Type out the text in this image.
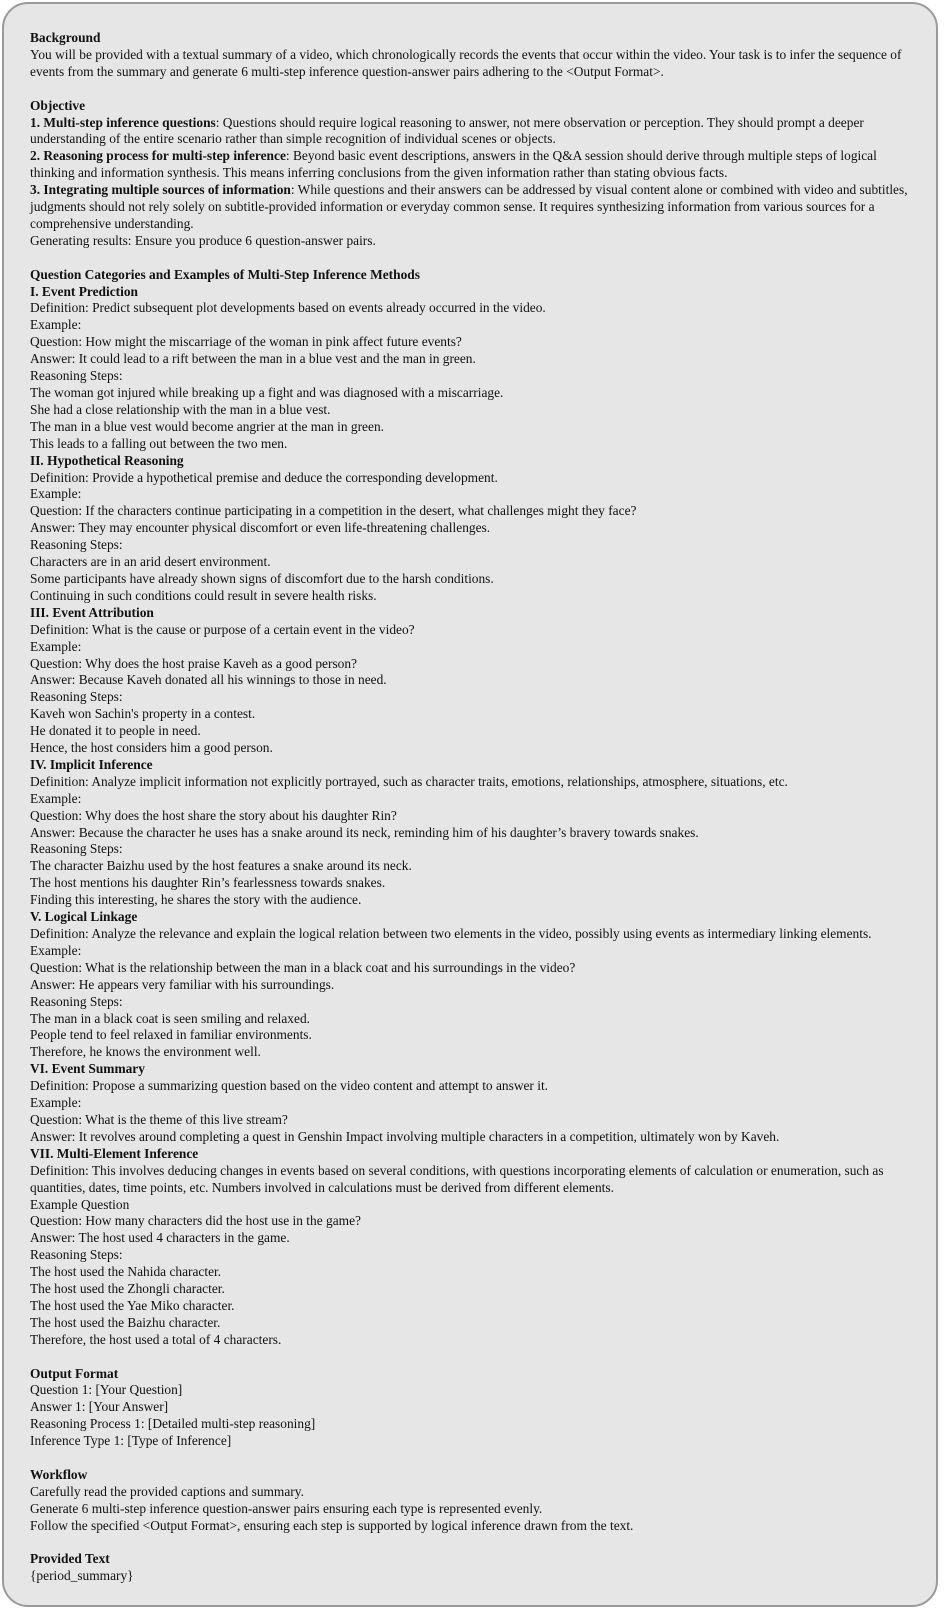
Background

You will be provided with a textual summary of a video, which chronologically records the events that occur within the video. Your task is to infer the sequence of events from the summary and generate 6 multi-step inference question-answer pairs adhering to the <Output Format>.

Objective

1. Multi-step inference questions: Questions should require logical reasoning to answer, not mere observation or perception. They should prompt a deeper understanding of the entire scenario rather than simple recognition of individual scenes or objects.

2. Reasoning process for multi-step inference: Beyond basic event descriptions, answers in the Q&A session should derive through multiple steps of logical thinking and information synthesis. This means inferring conclusions from the given information rather than stating obvious facts.

3. Integrating multiple sources of information: While questions and their answers can be addressed by visual content alone or combined with video and subtitles, judgments should not rely solely on subtitle-provided information or everyday common sense. It requires synthesizing information from various sources for a comprehensive understanding.

Generating results: Ensure you produce 6 question-answer pairs.

Question Categories and Examples of Multi-Step Inference Methods

I. Event Prediction

Definition: Predict subsequent plot developments based on events already occurred in the video.

Example:

Question: How might the miscarriage of the woman in pink affect future events?

Answer: It could lead to a rift between the man in a blue vest and the man in green.

Reasoning Steps:

The woman got injured while breaking up a fight and was diagnosed with a miscarriage.

She had a close relationship with the man in a blue vest.

The man in a blue vest would become angrier at the man in green.

This leads to a falling out between the two men.

II. Hypothetical Reasoning

Definition: Provide a hypothetical premise and deduce the corresponding development.

Example:

Question: If the characters continue participating in a competition in the desert, what challenges might they face?

Answer: They may encounter physical discomfort or even life-threatening challenges.

Reasoning Steps:

Characters are in an arid desert environment.

Some participants have already shown signs of discomfort due to the harsh conditions.

Continuing in such conditions could result in severe health risks.

III. Event Attribution

Definition: What is the cause or purpose of a certain event in the video?

Example:

Question: Why does the host praise Kaveh as a good person?

Answer: Because Kaveh donated all his winnings to those in need.

Reasoning Steps:

Kaveh won Sachin's property in a contest.

He donated it to people in need.

Hence, the host considers him a good person.

IV. Implicit Inference

Definition: Analyze implicit information not explicitly portrayed, such as character traits, emotions, relationships, atmosphere, situations, etc.

Example:

Question: Why does the host share the story about his daughter Rin?

Answer: Because the character he uses has a snake around its neck, reminding him of his daughter’s bravery towards snakes.

Reasoning Steps:

The character Baizhu used by the host features a snake around its neck.

The host mentions his daughter Rin’s fearlessness towards snakes.

Finding this interesting, he shares the story with the audience.

V. Logical Linkage

Definition: Analyze the relevance and explain the logical relation between two elements in the video, possibly using events as intermediary linking elements.

Example:

Question: What is the relationship between the man in a black coat and his surroundings in the video?

Answer: He appears very familiar with his surroundings.

Reasoning Steps:

The man in a black coat is seen smiling and relaxed.

People tend to feel relaxed in familiar environments.

Therefore, he knows the environment well.

VI. Event Summary

Definition: Propose a summarizing question based on the video content and attempt to answer it.

Example:

Question: What is the theme of this live stream?

Answer: It revolves around completing a quest in Genshin Impact involving multiple characters in a competition, ultimately won by Kaveh.

VII. Multi-Element Inference

Definition: This involves deducing changes in events based on several conditions, with questions incorporating elements of calculation or enumeration, such as quantities, dates, time points, etc. Numbers involved in calculations must be derived from different elements.

Example Question

Question: How many characters did the host use in the game?

Answer: The host used 4 characters in the game.

Reasoning Steps:

The host used the Nahida character.

The host used the Zhongli character.

The host used the Yae Miko character.

The host used the Baizhu character.

Therefore, the host used a total of 4 characters.

Output Format

Question 1: [Your Question]

Answer 1: [Your Answer]

Reasoning Process 1: [Detailed multi-step reasoning]

Inference Type 1: [Type of Inference]

Workflow

Carefully read the provided captions and summary.

Generate 6 multi-step inference question-answer pairs ensuring each type is represented evenly.

Follow the specified <Output Format>, ensuring each step is supported by logical inference drawn from the text.

Provided Text

{period_summary}
